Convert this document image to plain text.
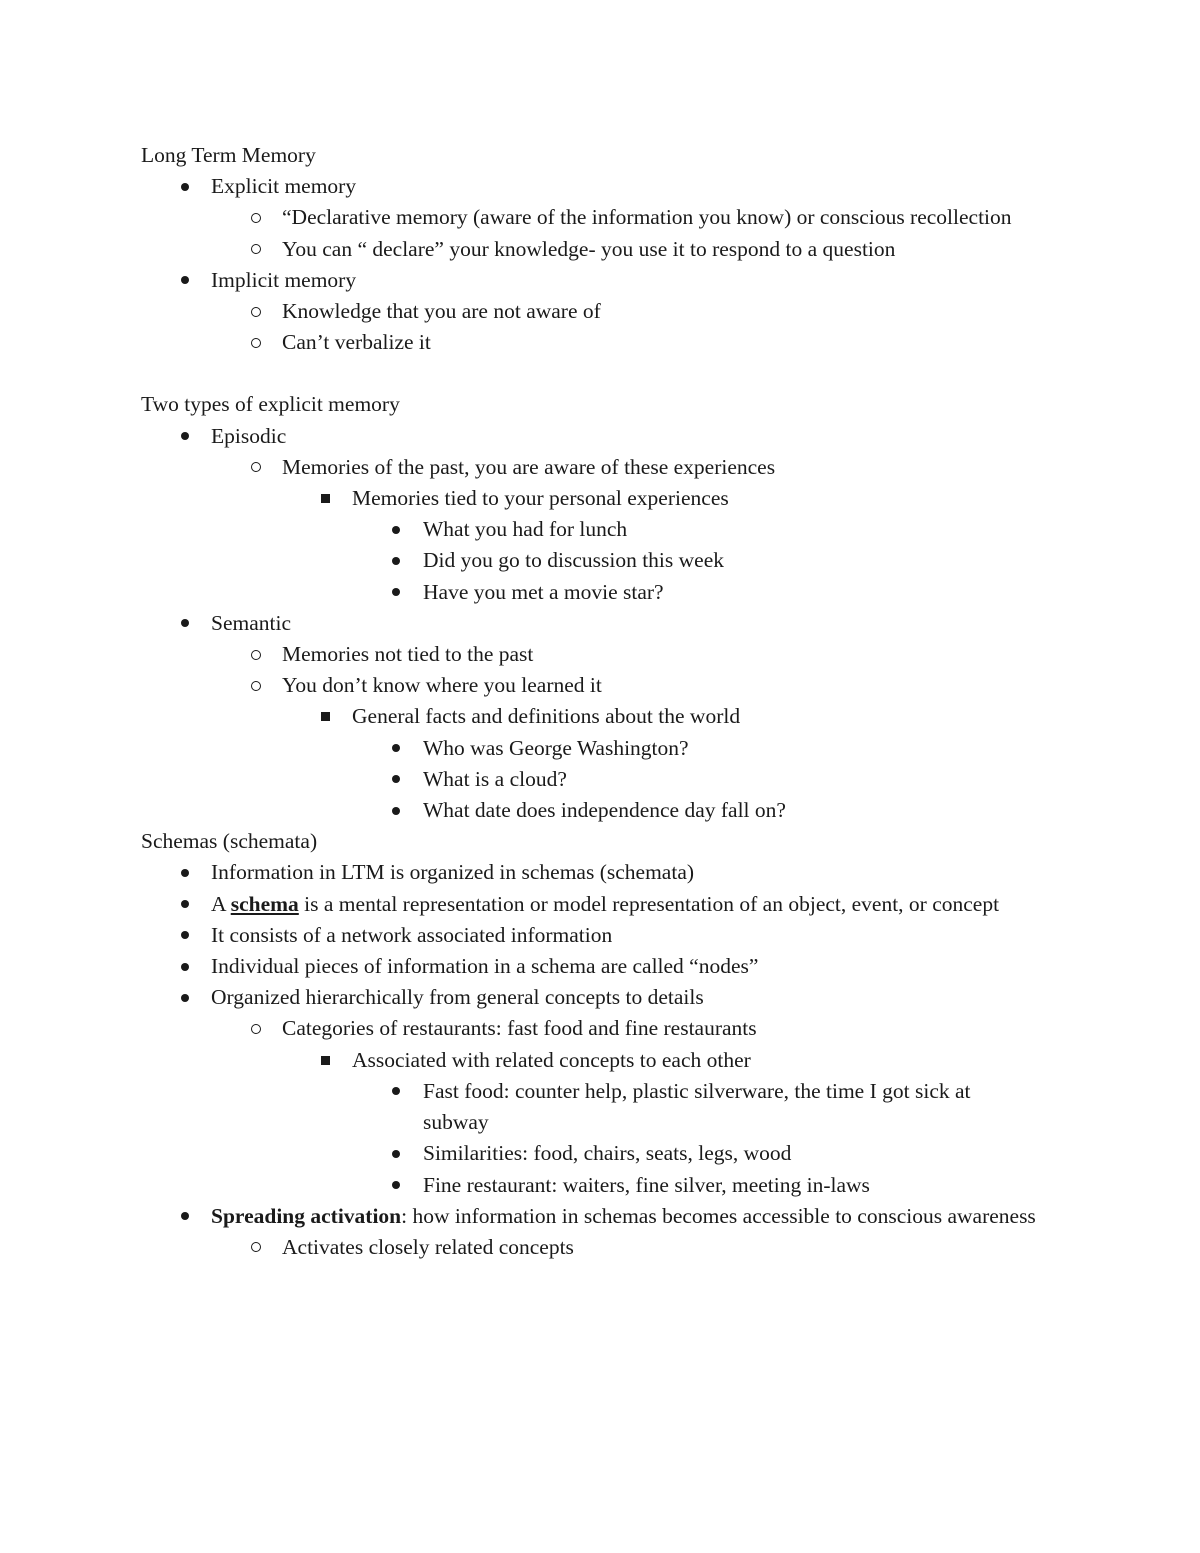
Long Term Memory
Explicit memory
“Declarative memory (aware of the information you know) or conscious recollection
You can “ declare” your knowledge- you use it to respond to a question
Implicit memory
Knowledge that you are not aware of
Can’t verbalize it
Two types of explicit memory
Episodic
Memories of the past, you are aware of these experiences
Memories tied to your personal experiences
What you had for lunch
Did you go to discussion this week
Have you met a movie star?
Semantic
Memories not tied to the past
You don’t know where you learned it
General facts and definitions about the world
Who was George Washington?
What is a cloud?
What date does independence day fall on?
Schemas (schemata)
Information in LTM is organized in schemas (schemata)
A schema is a mental representation or model representation of an object, event, or concept
It consists of a network associated information
Individual pieces of information in a schema are called “nodes”
Organized hierarchically from general concepts to details
Categories of restaurants: fast food and fine restaurants
Associated with related concepts to each other
Fast food: counter help, plastic silverware, the time I got sick at subway
Similarities: food, chairs, seats, legs, wood
Fine restaurant: waiters, fine silver, meeting in-laws
Spreading activation: how information in schemas becomes accessible to conscious awareness
Activates closely related concepts
